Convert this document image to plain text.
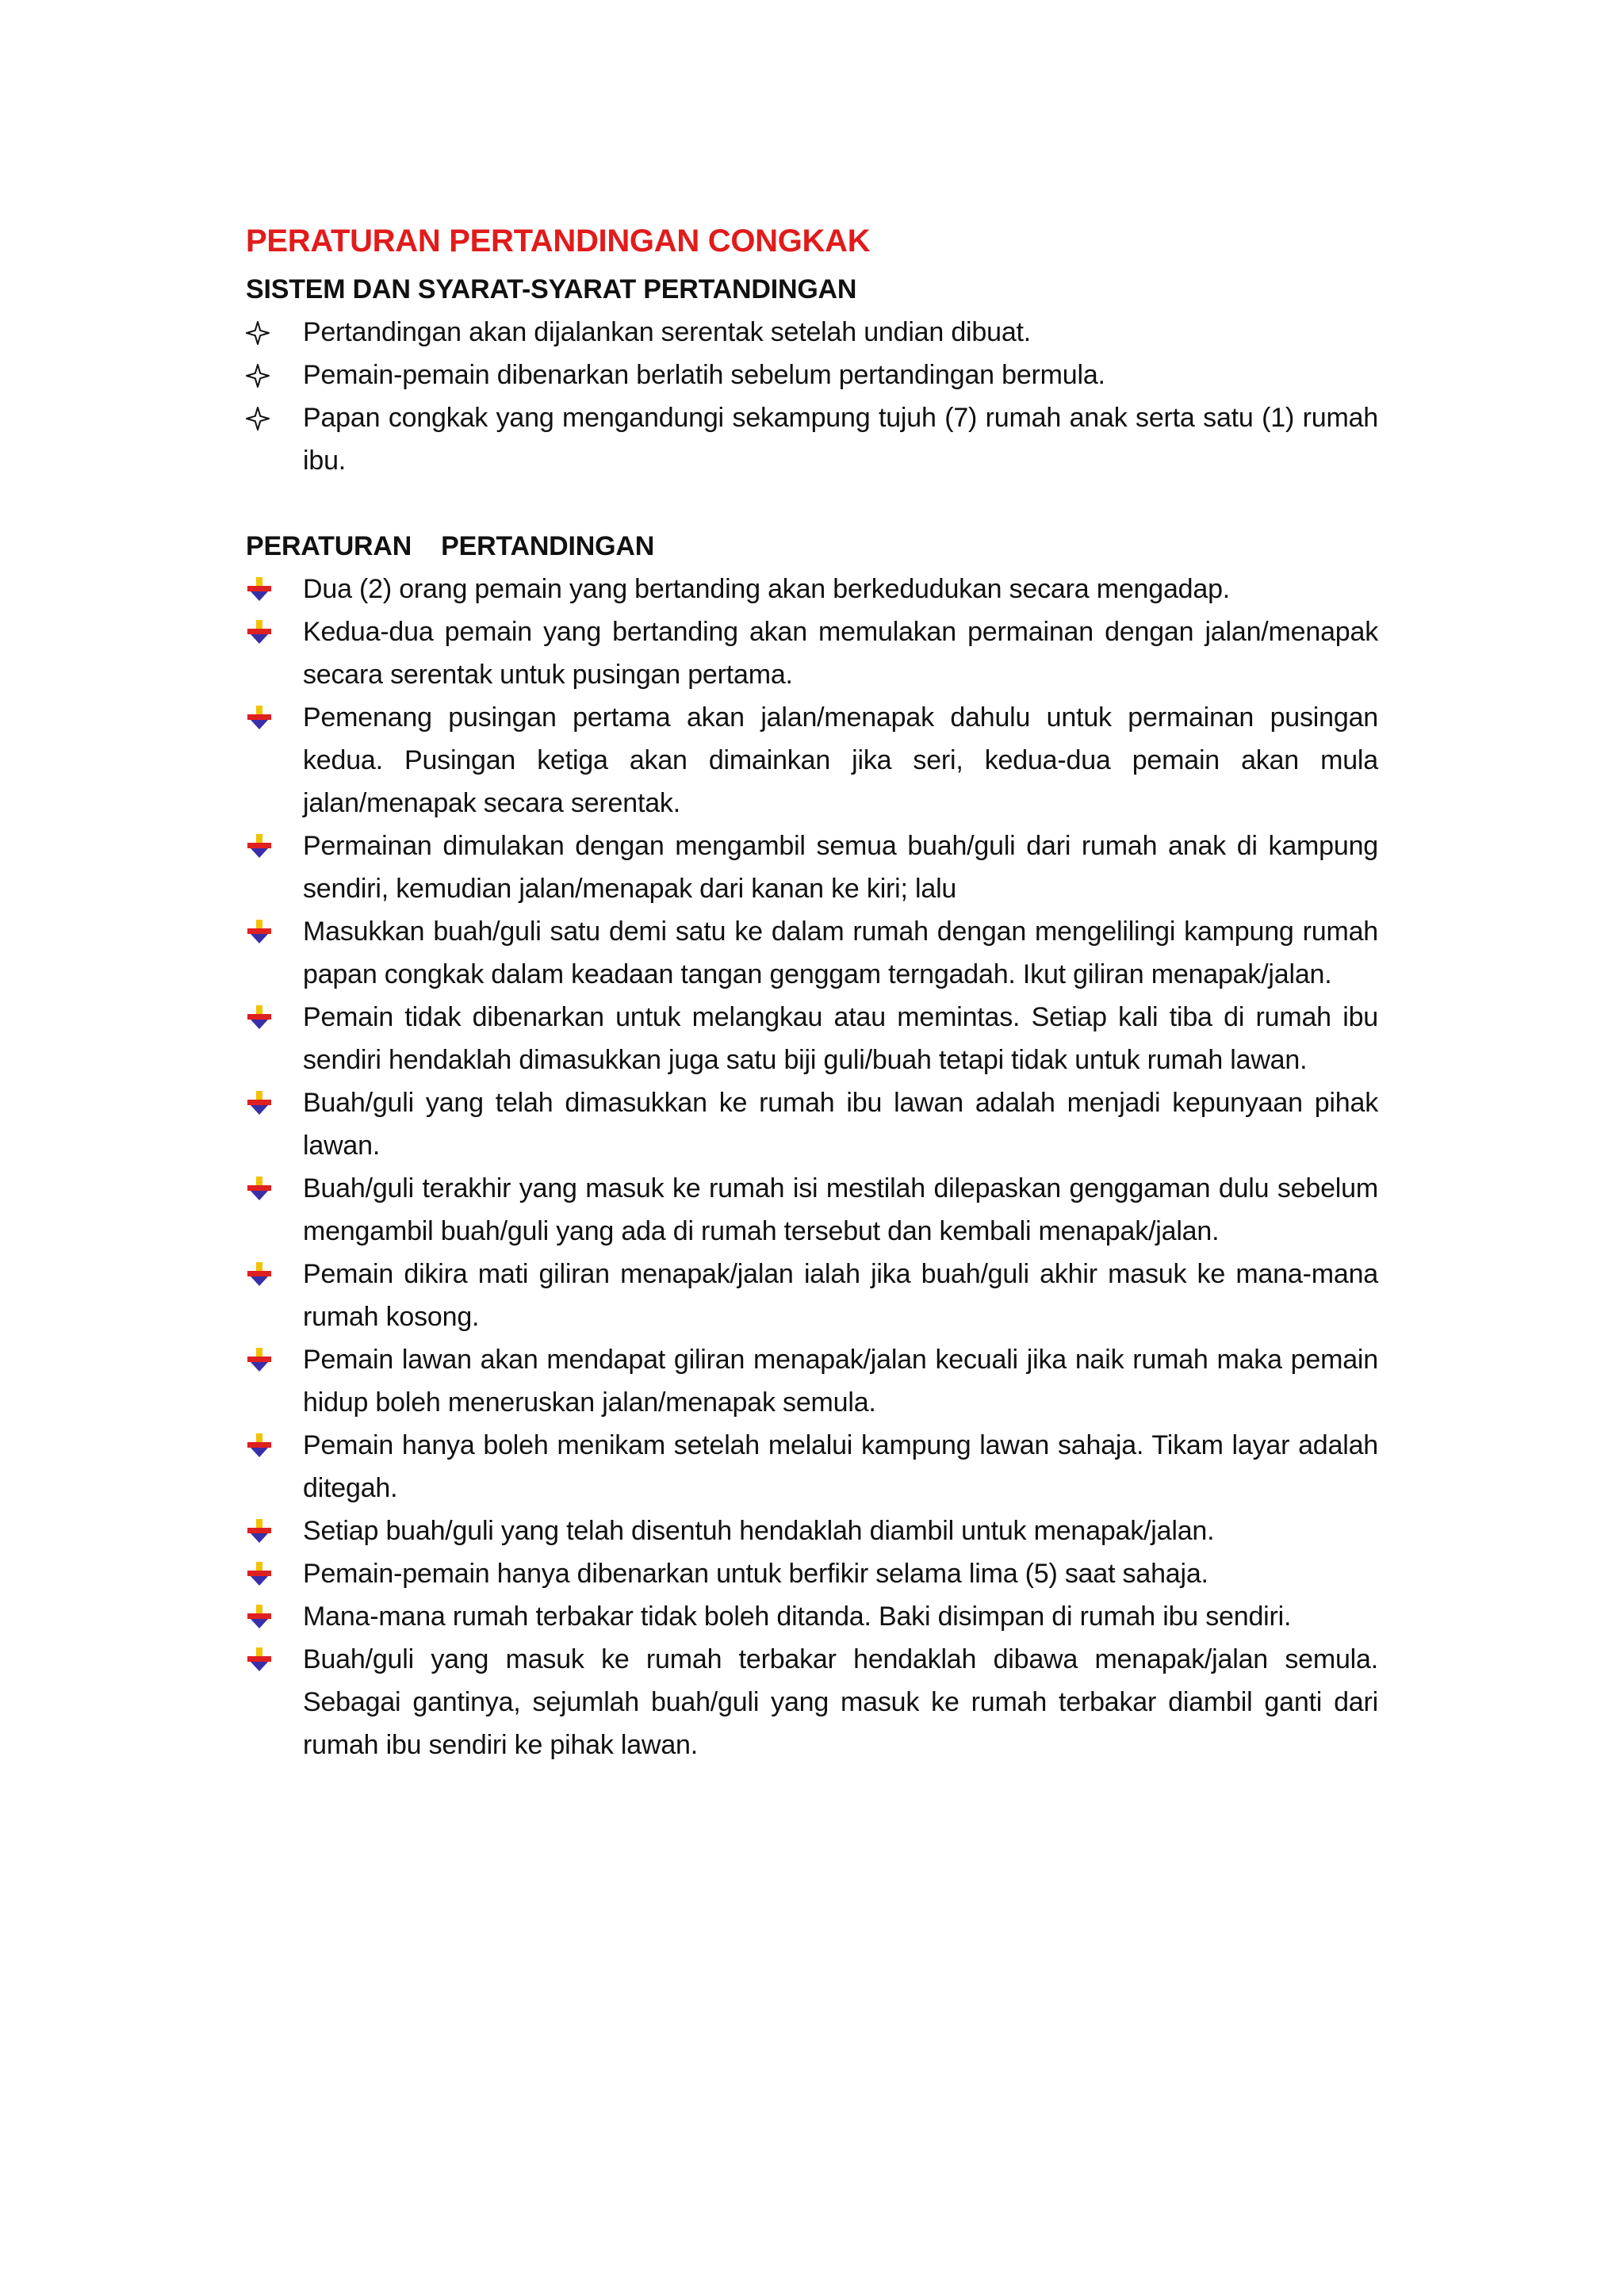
PERATURAN PERTANDINGAN CONGKAK
SISTEM DAN SYARAT-SYARAT PERTANDINGAN
Pertandingan akan dijalankan serentak setelah undian dibuat.
Pemain-pemain dibenarkan berlatih sebelum pertandingan bermula.
Papan congkak yang mengandungi sekampung tujuh (7) rumah anak serta satu (1) rumah ibu.
PERATURAN    PERTANDINGAN
Dua (2) orang pemain yang bertanding akan berkedudukan secara mengadap.
Kedua-dua pemain yang bertanding akan memulakan permainan dengan jalan/menapak secara serentak untuk pusingan pertama.
Pemenang pusingan pertama akan jalan/menapak dahulu untuk permainan pusingan kedua. Pusingan ketiga akan dimainkan jika seri, kedua-dua pemain akan mula jalan/menapak secara serentak.
Permainan dimulakan dengan mengambil semua buah/guli dari rumah anak di kampung sendiri, kemudian jalan/menapak dari kanan ke kiri; lalu
Masukkan buah/guli satu demi satu ke dalam rumah dengan mengelilingi kampung rumah papan congkak dalam keadaan tangan genggam terngadah. Ikut giliran menapak/jalan.
Pemain tidak dibenarkan untuk melangkau atau memintas. Setiap kali tiba di rumah ibu sendiri hendaklah dimasukkan juga satu biji guli/buah tetapi tidak untuk rumah lawan.
Buah/guli yang telah dimasukkan ke rumah ibu lawan adalah menjadi kepunyaan pihak lawan.
Buah/guli terakhir yang masuk ke rumah isi mestilah dilepaskan genggaman dulu sebelum mengambil buah/guli yang ada di rumah tersebut dan kembali menapak/jalan.
Pemain dikira mati giliran menapak/jalan ialah jika buah/guli akhir masuk ke mana-mana rumah kosong.
Pemain lawan akan mendapat giliran menapak/jalan kecuali jika naik rumah maka pemain hidup boleh meneruskan jalan/menapak semula.
Pemain hanya boleh menikam setelah melalui kampung lawan sahaja. Tikam layar adalah ditegah.
Setiap buah/guli yang telah disentuh hendaklah diambil untuk menapak/jalan.
Pemain-pemain hanya dibenarkan untuk berfikir selama lima (5) saat sahaja.
Mana-mana rumah terbakar tidak boleh ditanda. Baki disimpan di rumah ibu sendiri.
Buah/guli yang masuk ke rumah terbakar hendaklah dibawa menapak/jalan semula. Sebagai gantinya, sejumlah buah/guli yang masuk ke rumah terbakar diambil ganti dari rumah ibu sendiri ke pihak lawan.
